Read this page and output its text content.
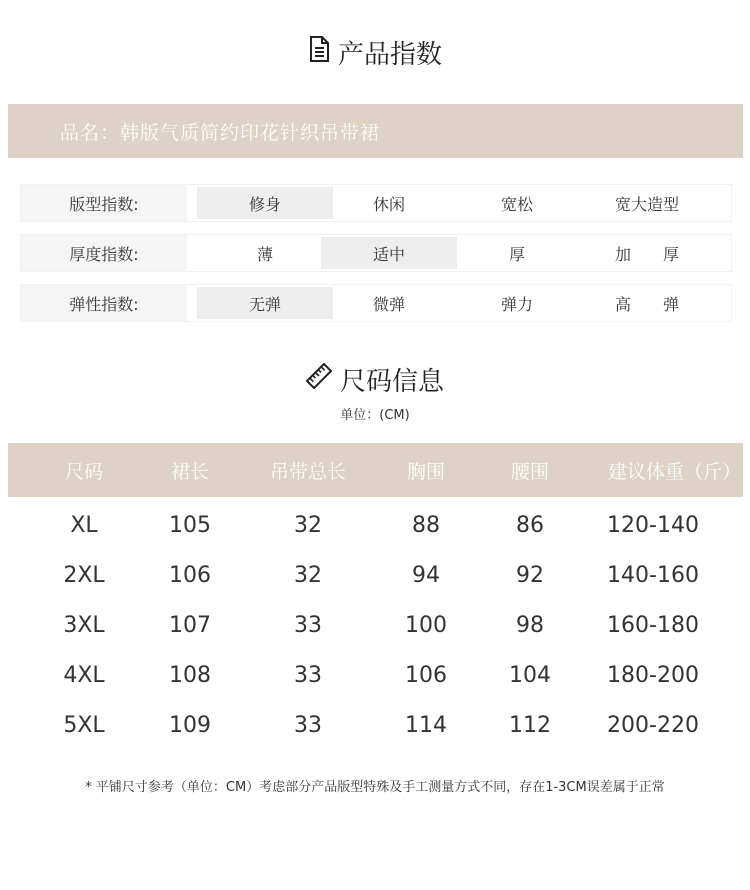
产品指数
品名：韩版气质简约印花针织吊带裙
版型指数:	修身	休闲	宽松	宽大造型
厚度指数:	薄	适中	厚	加　　厚
弹性指数:	无弹	微弹	弹力	高　　弹
尺码信息
单位：(CM)
尺码	裙长	吊带总长	胸围	腰围	建议体重（斤）
XL	105	32	88	86	120-140
2XL	106	32	94	92	140-160
3XL	107	33	100	98	160-180
4XL	108	33	106	104	180-200
5XL	109	33	114	112	200-220
* 平铺尺寸参考（单位：CM）考虑部分产品版型特殊及手工测量方式不同，存在1-3CM误差属于正常
